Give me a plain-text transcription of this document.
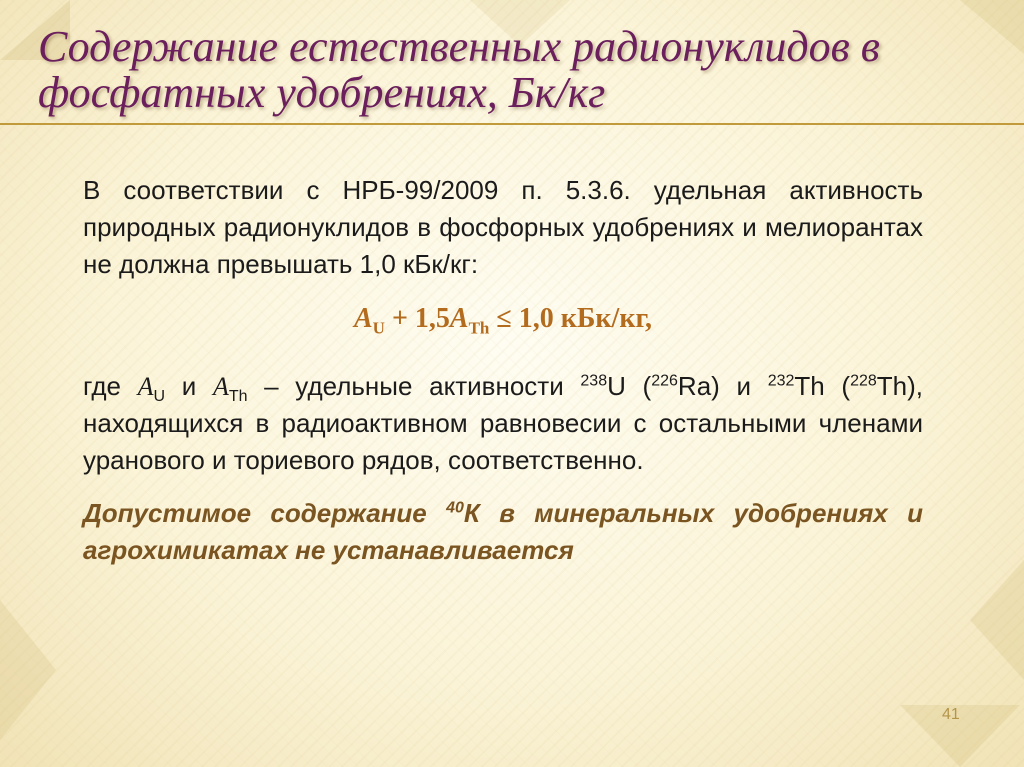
Содержание естественных радионуклидов в
фосфатных удобрениях, Бк/кг

В соответствии с НРБ-99/2009 п. 5.3.6. удельная активность природных радионуклидов в фосфорных удобрениях и мелиорантах не должна превышать 1,0 кБк/кг:

$A_U + 1,5A_{Th} \le 1,0$ кБк/кг,

где $A_U$ и $A_{Th}$ – удельные активности $^{238}$U ($^{226}$Ra) и $^{232}$Th ($^{228}$Th), находящихся в радиоактивном равновесии с остальными членами уранового и ториевого рядов, соответственно.

Допустимое содержание $^{40}$К в минеральных удобрениях и агрохимикатах не устанавливается

41
